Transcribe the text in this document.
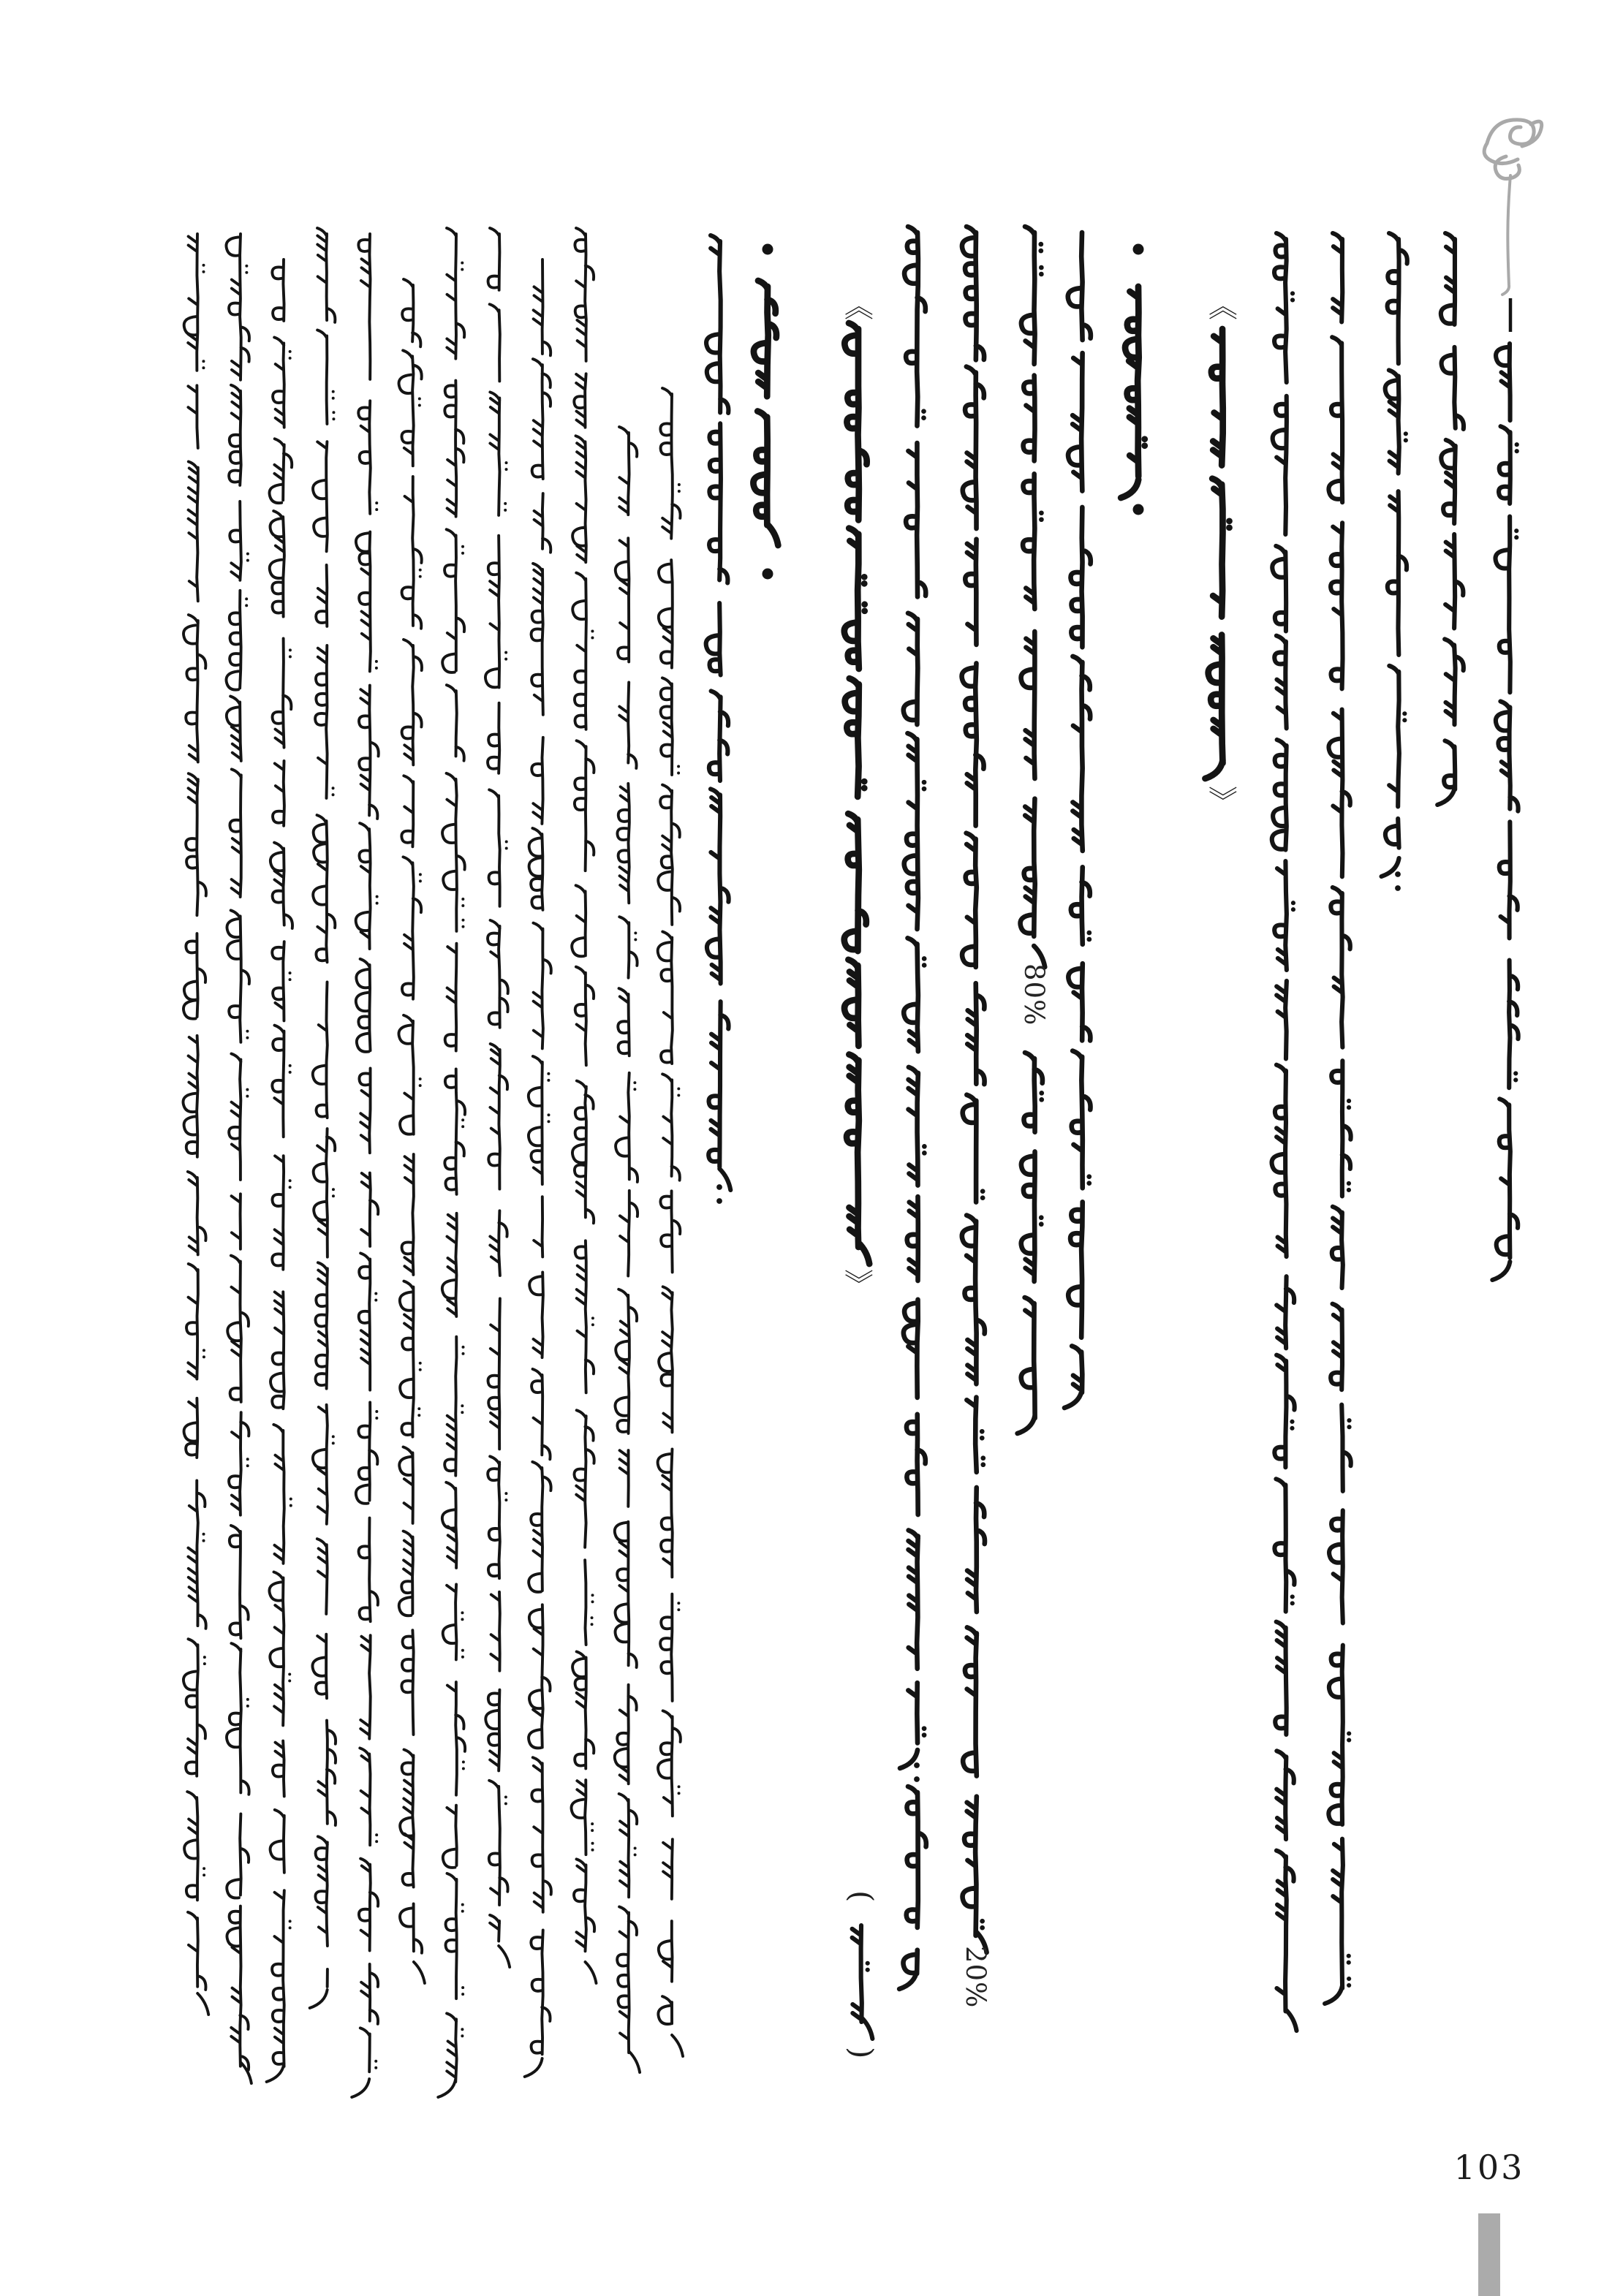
《
》
(
)
20%
80%
《
》
103
